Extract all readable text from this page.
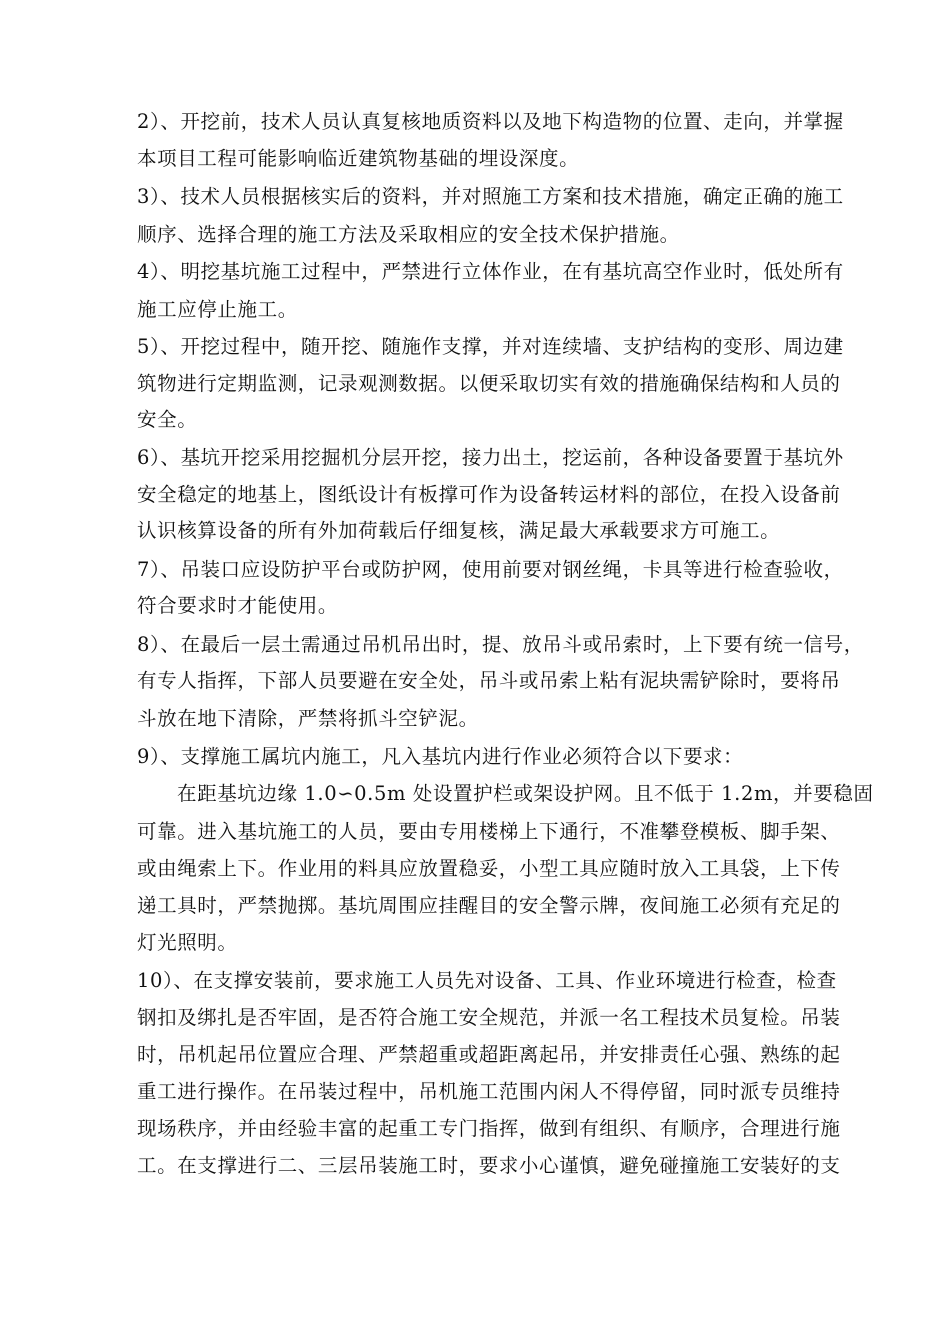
2）、开挖前，技术人员认真复核地质资料以及地下构造物的位置、走向，并掌握
本项目工程可能影响临近建筑物基础的埋设深度。
3）、技术人员根据核实后的资料，并对照施工方案和技术措施，确定正确的施工
顺序、选择合理的施工方法及采取相应的安全技术保护措施。
4）、明挖基坑施工过程中，严禁进行立体作业，在有基坑高空作业时，低处所有
施工应停止施工。
5）、开挖过程中，随开挖、随施作支撑，并对连续墙、支护结构的变形、周边建
筑物进行定期监测，记录观测数据。以便采取切实有效的措施确保结构和人员的
安全。
6）、基坑开挖采用挖掘机分层开挖，接力出土，挖运前，各种设备要置于基坑外
安全稳定的地基上，图纸设计有板撑可作为设备转运材料的部位，在投入设备前
认识核算设备的所有外加荷载后仔细复核，满足最大承载要求方可施工。
7）、吊装口应设防护平台或防护网，使用前要对钢丝绳，卡具等进行检查验收，
符合要求时才能使用。
8）、在最后一层土需通过吊机吊出时，提、放吊斗或吊索时，上下要有统一信号，
有专人指挥，下部人员要避在安全处，吊斗或吊索上粘有泥块需铲除时，要将吊
斗放在地下清除，严禁将抓斗空铲泥。
9）、支撑施工属坑内施工，凡入基坑内进行作业必须符合以下要求：
在距基坑边缘 1.0∽0.5m 处设置护栏或架设护网。且不低于 1.2m，并要稳固
可靠。进入基坑施工的人员，要由专用楼梯上下通行，不准攀登模板、脚手架、
或由绳索上下。作业用的料具应放置稳妥，小型工具应随时放入工具袋，上下传
递工具时，严禁抛掷。基坑周围应挂醒目的安全警示牌，夜间施工必须有充足的
灯光照明。
10）、在支撑安装前，要求施工人员先对设备、工具、作业环境进行检查，检查
钢扣及绑扎是否牢固，是否符合施工安全规范，并派一名工程技术员复检。吊装
时，吊机起吊位置应合理、严禁超重或超距离起吊，并安排责任心强、熟练的起
重工进行操作。在吊装过程中，吊机施工范围内闲人不得停留，同时派专员维持
现场秩序，并由经验丰富的起重工专门指挥，做到有组织、有顺序，合理进行施
工。在支撑进行二、三层吊装施工时，要求小心谨慎，避免碰撞施工安装好的支
